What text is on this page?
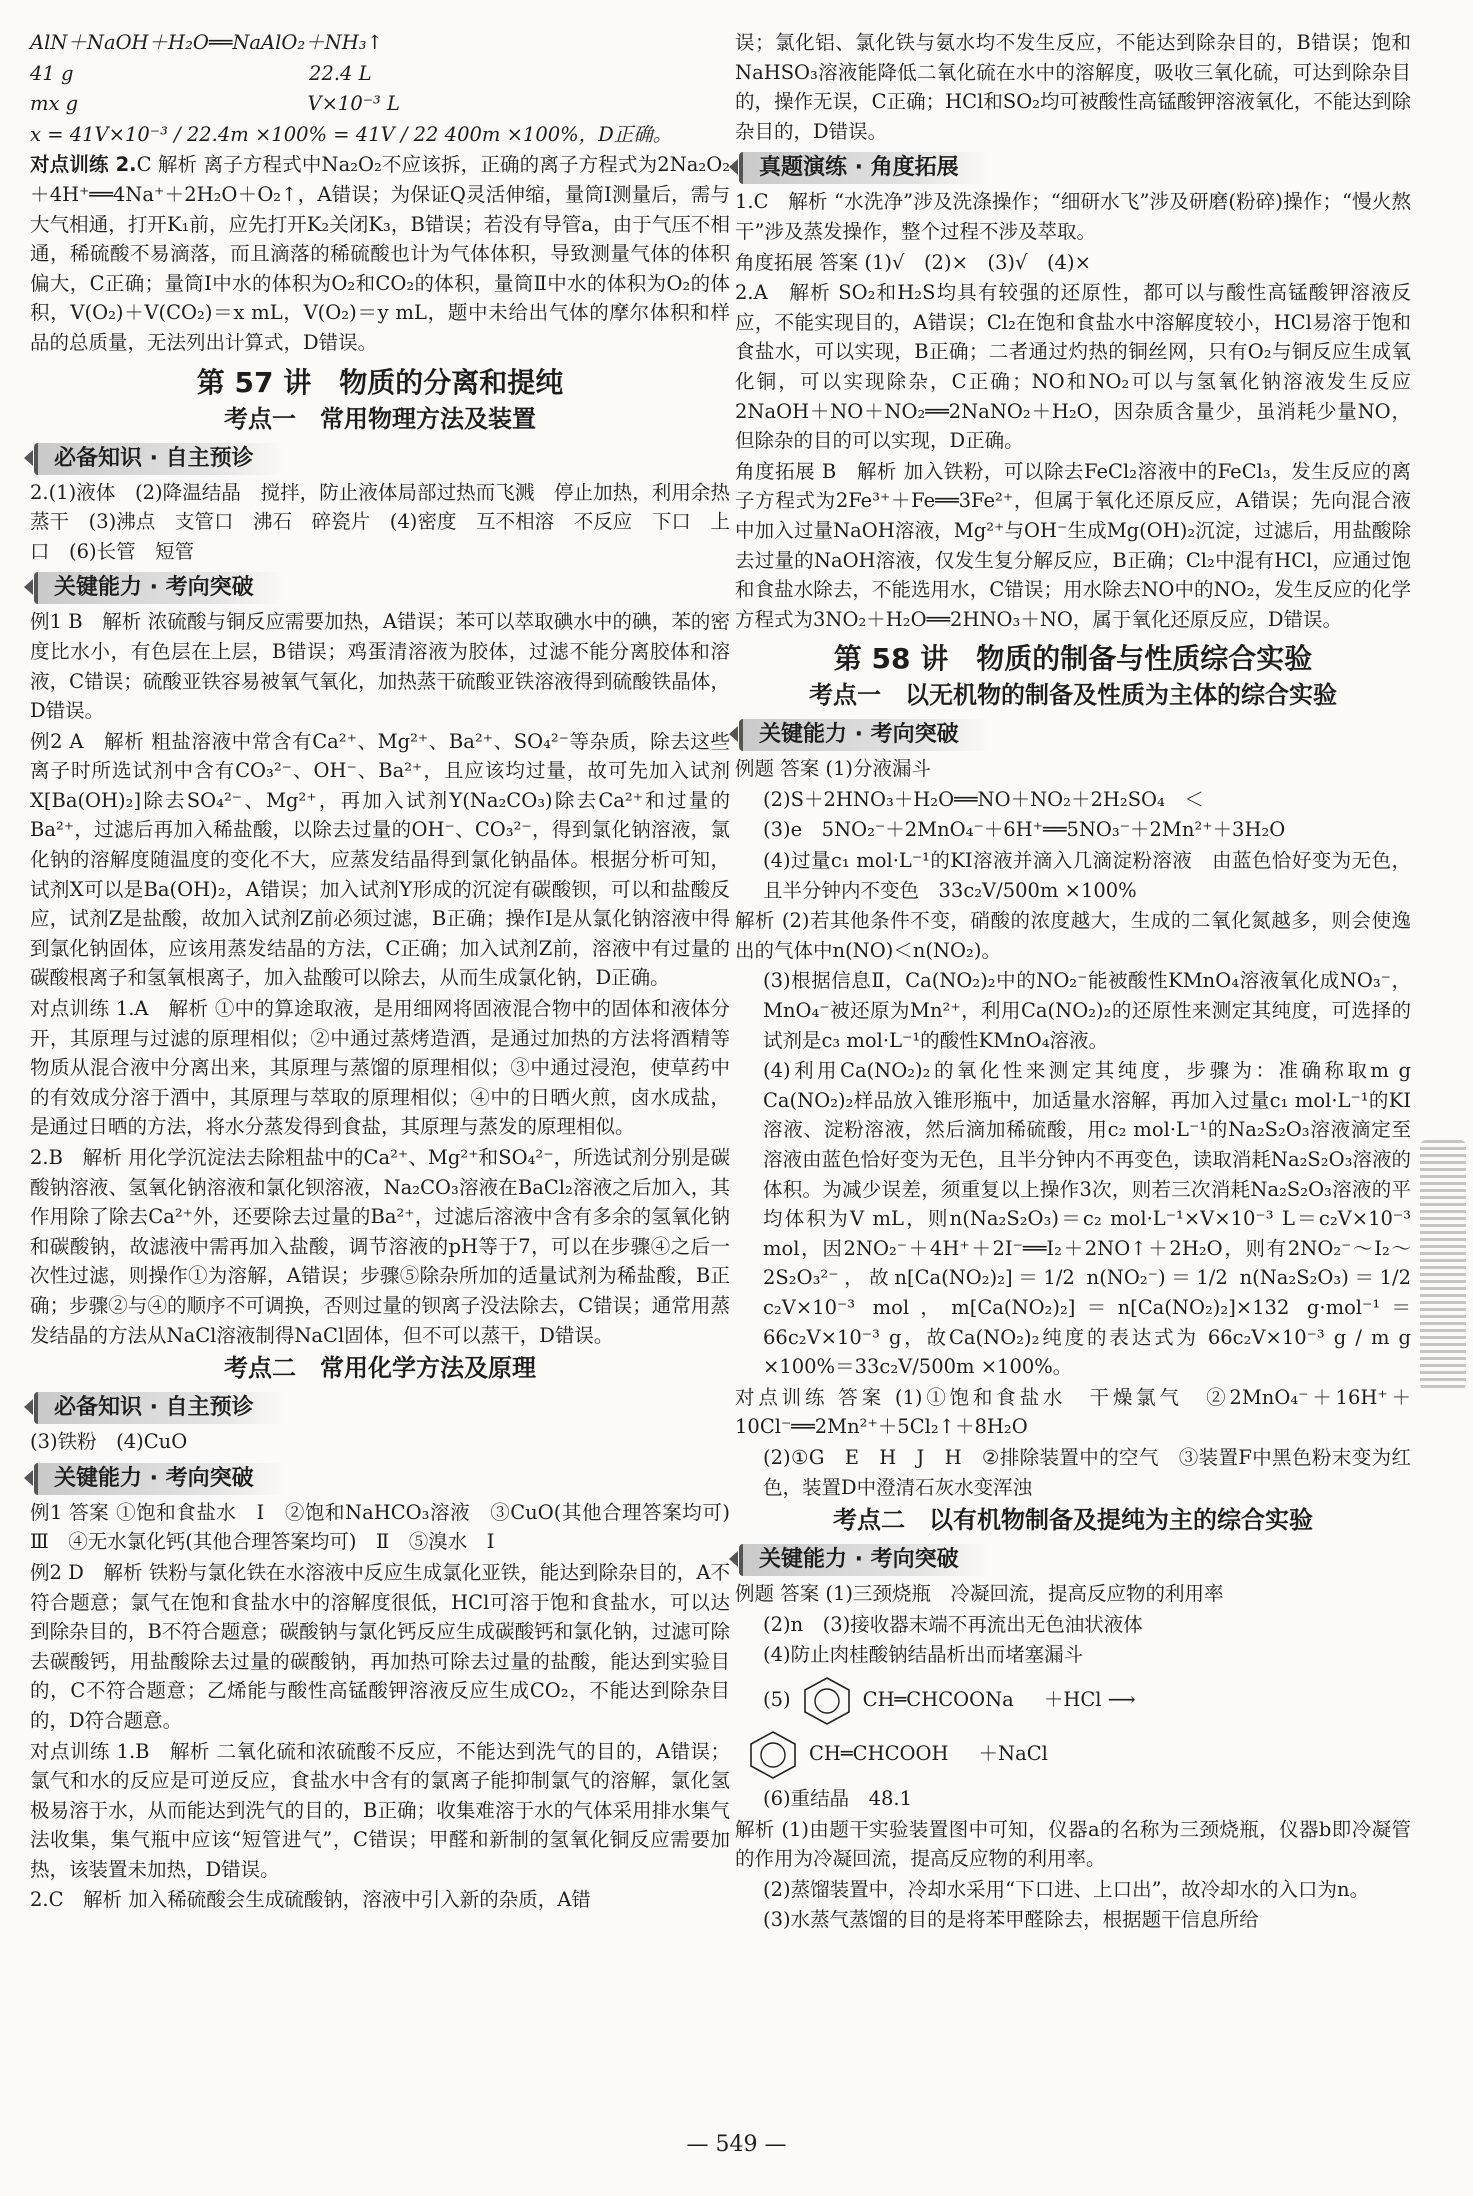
AlN＋NaOH＋H₂O══NaAlO₂＋NH₃↑

41 g                                      22.4 L

mx g                                     V×10⁻³ L

x = 41V×10⁻³ / 22.4m ×100% = 41V / 22 400m ×100%，D正确。

对点训练 2.C 解析 离子方程式中Na₂O₂不应该拆，正确的离子方程式为2Na₂O₂＋4H⁺══4Na⁺＋2H₂O＋O₂↑，A错误；为保证Q灵活伸缩，量筒Ⅰ测量后，需与大气相通，打开K₁前，应先打开K₂关闭K₃，B错误；若没有导管a，由于气压不相通，稀硫酸不易滴落，而且滴落的稀硫酸也计为气体体积，导致测量气体的体积偏大，C正确；量筒Ⅰ中水的体积为O₂和CO₂的体积，量筒Ⅱ中水的体积为O₂的体积，V(O₂)＋V(CO₂)＝x mL，V(O₂)＝y mL，题中未给出气体的摩尔体积和样品的总质量，无法列出计算式，D错误。

第 57 讲　物质的分离和提纯
考点一　常用物理方法及装置
必备知识 · 自主预诊

2.(1)液体　(2)降温结晶　搅拌，防止液体局部过热而飞溅　停止加热，利用余热蒸干　(3)沸点　支管口　沸石　碎瓷片　(4)密度　互不相溶　不反应　下口　上口　(6)长管　短管

关键能力 · 考向突破

例1 B　解析 浓硫酸与铜反应需要加热，A错误；苯可以萃取碘水中的碘，苯的密度比水小，有色层在上层，B错误；鸡蛋清溶液为胶体，过滤不能分离胶体和溶液，C错误；硫酸亚铁容易被氧气氧化，加热蒸干硫酸亚铁溶液得到硫酸铁晶体，D错误。

例2 A　解析 粗盐溶液中常含有Ca²⁺、Mg²⁺、Ba²⁺、SO₄²⁻等杂质，除去这些离子时所选试剂中含有CO₃²⁻、OH⁻、Ba²⁺，且应该均过量，故可先加入试剂X[Ba(OH)₂]除去SO₄²⁻、Mg²⁺，再加入试剂Y(Na₂CO₃)除去Ca²⁺和过量的Ba²⁺，过滤后再加入稀盐酸，以除去过量的OH⁻、CO₃²⁻，得到氯化钠溶液，氯化钠的溶解度随温度的变化不大，应蒸发结晶得到氯化钠晶体。根据分析可知，试剂X可以是Ba(OH)₂，A错误；加入试剂Y形成的沉淀有碳酸钡，可以和盐酸反应，试剂Z是盐酸，故加入试剂Z前必须过滤，B正确；操作Ⅰ是从氯化钠溶液中得到氯化钠固体，应该用蒸发结晶的方法，C正确；加入试剂Z前，溶液中有过量的碳酸根离子和氢氧根离子，加入盐酸可以除去，从而生成氯化钠，D正确。

对点训练 1.A　解析 ①中的算途取液，是用细网将固液混合物中的固体和液体分开，其原理与过滤的原理相似；②中通过蒸烤造酒，是通过加热的方法将酒精等物质从混合液中分离出来，其原理与蒸馏的原理相似；③中通过浸泡，使草药中的有效成分溶于酒中，其原理与萃取的原理相似；④中的日晒火煎，卤水成盐，是通过日晒的方法，将水分蒸发得到食盐，其原理与蒸发的原理相似。

2.B　解析 用化学沉淀法去除粗盐中的Ca²⁺、Mg²⁺和SO₄²⁻，所选试剂分别是碳酸钠溶液、氢氧化钠溶液和氯化钡溶液，Na₂CO₃溶液在BaCl₂溶液之后加入，其作用除了除去Ca²⁺外，还要除去过量的Ba²⁺，过滤后溶液中含有多余的氢氧化钠和碳酸钠，故滤液中需再加入盐酸，调节溶液的pH等于7，可以在步骤④之后一次性过滤，则操作①为溶解，A错误；步骤⑤除杂所加的适量试剂为稀盐酸，B正确；步骤②与④的顺序不可调换，否则过量的钡离子没法除去，C错误；通常用蒸发结晶的方法从NaCl溶液制得NaCl固体，但不可以蒸干，D错误。

考点二　常用化学方法及原理
必备知识 · 自主预诊

(3)铁粉　(4)CuO

关键能力 · 考向突破

例1 答案 ①饱和食盐水　Ⅰ　②饱和NaHCO₃溶液　③CuO(其他合理答案均可)　Ⅲ　④无水氯化钙(其他合理答案均可)　Ⅱ　⑤溴水　Ⅰ

例2 D　解析 铁粉与氯化铁在水溶液中反应生成氯化亚铁，能达到除杂目的，A不符合题意；氯气在饱和食盐水中的溶解度很低，HCl可溶于饱和食盐水，可以达到除杂目的，B不符合题意；碳酸钠与氯化钙反应生成碳酸钙和氯化钠，过滤可除去碳酸钙，用盐酸除去过量的碳酸钠，再加热可除去过量的盐酸，能达到实验目的，C不符合题意；乙烯能与酸性高锰酸钾溶液反应生成CO₂，不能达到除杂目的，D符合题意。

对点训练 1.B　解析 二氧化硫和浓硫酸不反应，不能达到洗气的目的，A错误；氯气和水的反应是可逆反应，食盐水中含有的氯离子能抑制氯气的溶解，氯化氢极易溶于水，从而能达到洗气的目的，B正确；收集难溶于水的气体采用排水集气法收集，集气瓶中应该“短管进气”，C错误；甲醛和新制的氢氧化铜反应需要加热，该装置未加热，D错误。

2.C　解析 加入稀硫酸会生成硫酸钠，溶液中引入新的杂质，A错

误；氯化铝、氯化铁与氨水均不发生反应，不能达到除杂目的，B错误；饱和NaHSO₃溶液能降低二氧化硫在水中的溶解度，吸收三氧化硫，可达到除杂目的，操作无误，C正确；HCl和SO₂均可被酸性高锰酸钾溶液氧化，不能达到除杂目的，D错误。

真题演练 · 角度拓展

1.C　解析 “水洗净”涉及洗涤操作；“细研水飞”涉及研磨(粉碎)操作；“慢火熬干”涉及蒸发操作，整个过程不涉及萃取。

角度拓展 答案 (1)√　(2)×　(3)√　(4)×

2.A　解析 SO₂和H₂S均具有较强的还原性，都可以与酸性高锰酸钾溶液反应，不能实现目的，A错误；Cl₂在饱和食盐水中溶解度较小，HCl易溶于饱和食盐水，可以实现，B正确；二者通过灼热的铜丝网，只有O₂与铜反应生成氧化铜，可以实现除杂，C正确；NO和NO₂可以与氢氧化钠溶液发生反应2NaOH＋NO＋NO₂══2NaNO₂＋H₂O，因杂质含量少，虽消耗少量NO，但除杂的目的可以实现，D正确。

角度拓展 B　解析 加入铁粉，可以除去FeCl₂溶液中的FeCl₃，发生反应的离子方程式为2Fe³⁺＋Fe══3Fe²⁺，但属于氧化还原反应，A错误；先向混合液中加入过量NaOH溶液，Mg²⁺与OH⁻生成Mg(OH)₂沉淀，过滤后，用盐酸除去过量的NaOH溶液，仅发生复分解反应，B正确；Cl₂中混有HCl，应通过饱和食盐水除去，不能选用水，C错误；用水除去NO中的NO₂，发生反应的化学方程式为3NO₂＋H₂O══2HNO₃＋NO，属于氧化还原反应，D错误。

第 58 讲　物质的制备与性质综合实验
考点一　以无机物的制备及性质为主体的综合实验
关键能力 · 考向突破

例题 答案 (1)分液漏斗

(2)S＋2HNO₃＋H₂O══NO＋NO₂＋2H₂SO₄　＜

(3)e　5NO₂⁻＋2MnO₄⁻＋6H⁺══5NO₃⁻＋2Mn²⁺＋3H₂O

(4)过量c₁ mol·L⁻¹的KI溶液并滴入几滴淀粉溶液　由蓝色恰好变为无色，且半分钟内不变色　33c₂V/500m ×100%

解析 (2)若其他条件不变，硝酸的浓度越大，生成的二氧化氮越多，则会使逸出的气体中n(NO)＜n(NO₂)。

(3)根据信息Ⅱ，Ca(NO₂)₂中的NO₂⁻能被酸性KMnO₄溶液氧化成NO₃⁻，MnO₄⁻被还原为Mn²⁺，利用Ca(NO₂)₂的还原性来测定其纯度，可选择的试剂是c₃ mol·L⁻¹的酸性KMnO₄溶液。

(4)利用Ca(NO₂)₂的氧化性来测定其纯度，步骤为：准确称取m g Ca(NO₂)₂样品放入锥形瓶中，加适量水溶解，再加入过量c₁ mol·L⁻¹的KI溶液、淀粉溶液，然后滴加稀硫酸，用c₂ mol·L⁻¹的Na₂S₂O₃溶液滴定至溶液由蓝色恰好变为无色，且半分钟内不再变色，读取消耗Na₂S₂O₃溶液的体积。为减少误差，须重复以上操作3次，则若三次消耗Na₂S₂O₃溶液的平均体积为V mL，则n(Na₂S₂O₃)＝c₂ mol·L⁻¹×V×10⁻³ L＝c₂V×10⁻³ mol，因2NO₂⁻＋4H⁺＋2I⁻══I₂＋2NO↑＋2H₂O，则有2NO₂⁻～I₂～2S₂O₃²⁻，故n[Ca(NO₂)₂]＝1/2 n(NO₂⁻)＝1/2 n(Na₂S₂O₃)＝1/2 c₂V×10⁻³ mol，m[Ca(NO₂)₂]＝n[Ca(NO₂)₂]×132 g·mol⁻¹＝66c₂V×10⁻³ g，故Ca(NO₂)₂纯度的表达式为 66c₂V×10⁻³ g / m g ×100%＝33c₂V/500m ×100%。

对点训练 答案 (1)①饱和食盐水　干燥氯气　②2MnO₄⁻＋16H⁺＋10Cl⁻══2Mn²⁺＋5Cl₂↑＋8H₂O

(2)①G　E　H　J　H　②排除装置中的空气　③装置F中黑色粉末变为红色，装置D中澄清石灰水变浑浊

考点二　以有机物制备及提纯为主的综合实验
关键能力 · 考向突破

例题 答案 (1)三颈烧瓶　冷凝回流，提高反应物的利用率

(2)n　(3)接收器末端不再流出无色油状液体

(4)防止肉桂酸钠结晶析出而堵塞漏斗

(5)	CH═CHCOONa ＋HCl ⟶
CH═CHCOOH ＋NaCl

(6)重结晶　48.1

解析 (1)由题干实验装置图中可知，仪器a的名称为三颈烧瓶，仪器b即冷凝管的作用为冷凝回流，提高反应物的利用率。

(2)蒸馏装置中，冷却水采用“下口进、上口出”，故冷却水的入口为n。

(3)水蒸气蒸馏的目的是将苯甲醛除去，根据题干信息所给

— 549 —
